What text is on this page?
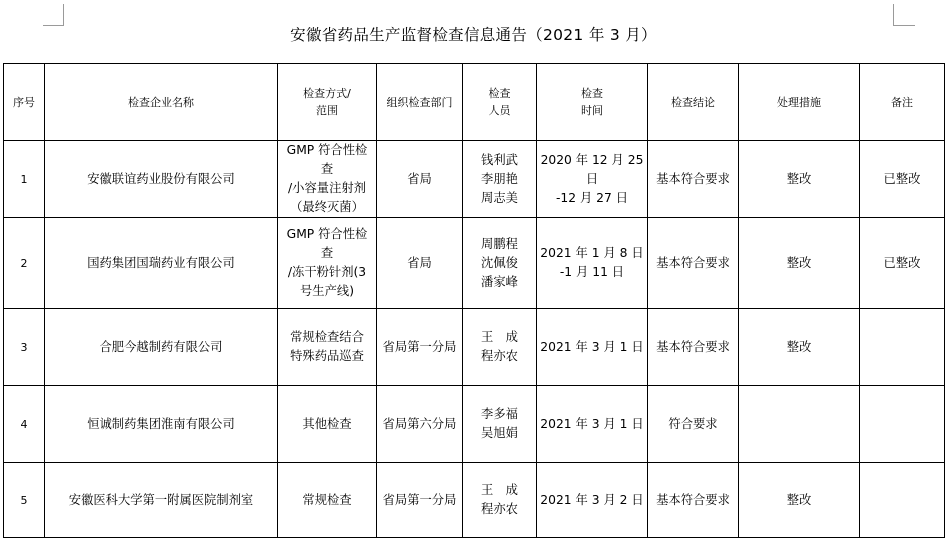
安徽省药品生产监督检查信息通告（2021 年 3 月）
序号	检查企业名称	检查方式/
范围	组织检查部门	检查
人员	检查
时间	检查结论	处理措施	备注
1	安徽联谊药业股份有限公司	GMP 符合性检查
/小容量注射剂
（最终灭菌）	省局	钱利武
李朋艳
周志美	2020 年 12 月 25 日
-12 月 27 日	基本符合要求	整改	已整改
2	国药集团国瑞药业有限公司	GMP 符合性检查
/冻干粉针剂(3
号生产线)	省局	周鹏程
沈佩俊
潘家峰	2021 年 1 月 8 日
-1 月 11 日	基本符合要求	整改	已整改
3	合肥今越制药有限公司	常规检查结合
特殊药品巡查	省局第一分局	王　成
程亦农	2021 年 3 月 1 日	基本符合要求	整改	
4	恒诚制药集团淮南有限公司	其他检查	省局第六分局	李多福
吴旭娟	2021 年 3 月 1 日	符合要求		
5	安徽医科大学第一附属医院制剂室	常规检查	省局第一分局	王　成
程亦农	2021 年 3 月 2 日	基本符合要求	整改	
